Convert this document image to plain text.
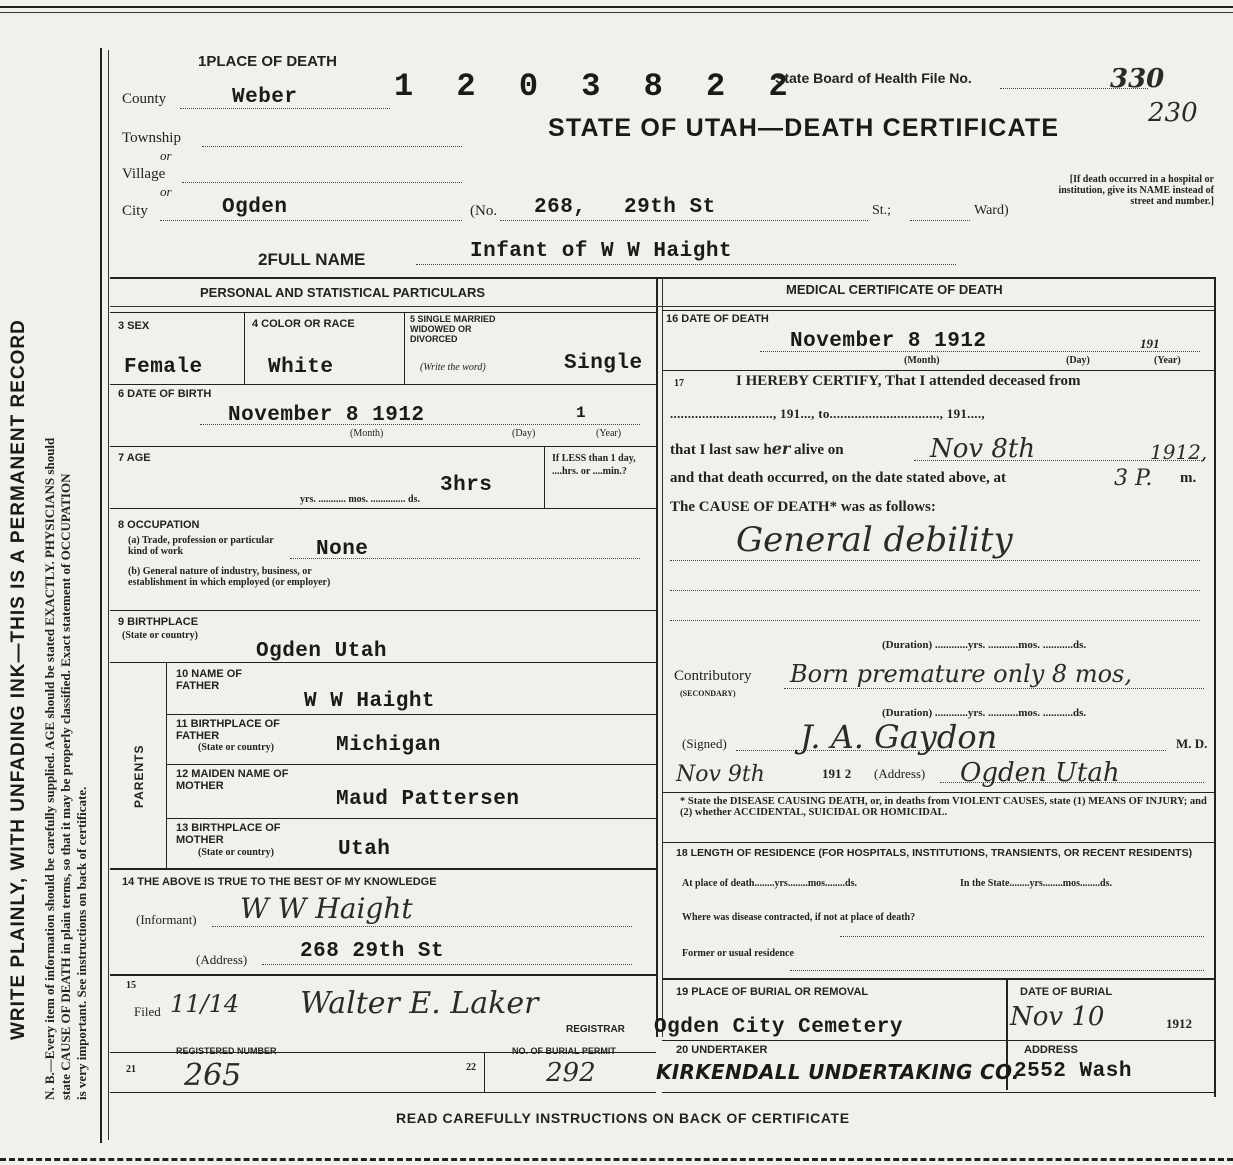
WRITE PLAINLY, WITH UNFADING INK—THIS IS A PERMANENT RECORD N. B.—Every item of information should be carefully supplied. AGE should be stated EXACTLY. PHYSICIANS should state CAUSE OF DEATH in plain terms, so that it may be properly classified. Exact statement of OCCUPATION is very important. See instructions on back of certificate.
1PLACE OF DEATH
1 2 0 3 8 2 2
State Board of Health File No.	330
230
STATE OF UTAH—DEATH CERTIFICATE
County	Weber
Township
or
Village
or
City	Ogden	(No. 268, 29th St	St.;	Ward)
[If death occurred in a hospital or institution, give its NAME instead of street and number.]
2FULL NAME	Infant of W W Haight
PERSONAL AND STATISTICAL PARTICULARS	MEDICAL CERTIFICATE OF DEATH
3 SEX
Female
4 COLOR OR RACE
White
5 SINGLE MARRIED WIDOWED OR DIVORCED
(Write the word)	Single
6 DATE OF BIRTH
November 8 1912	1
(Month)	(Day)	(Year)
7 AGE
3hrs
yrs. ........... mos. .............. ds.
If LESS than 1 day, ....hrs. or ....min.?
8 OCCUPATION
(a) Trade, profession or particular kind of work	None
(b) General nature of industry, business, or establishment in which employed (or employer)
9 BIRTHPLACE
(State or country)
Ogden Utah
PARENTS
10 NAME OF FATHER
W W Haight
11 BIRTHPLACE OF FATHER
(State or country)	Michigan
12 MAIDEN NAME OF MOTHER
Maud Pattersen
13 BIRTHPLACE OF MOTHER
(State or country)	Utah
14 THE ABOVE IS TRUE TO THE BEST OF MY KNOWLEDGE
(Informant) W W Haight
(Address)	268 29th St
15
Filed 11/14 Walter E. Laker
REGISTRAR
REGISTERED NUMBER
21 265
NO. OF BURIAL PERMIT
22	292
16 DATE OF DEATH
November 8 1912	191
(Month)	(Day)	(Year)
17	I HEREBY CERTIFY, That I attended deceased from
............................., 191..., to..............................., 191....,
that I last saw her alive on	Nov 8th	1912,
and that death occurred, on the date stated above, at	3 P. m.
The CAUSE OF DEATH* was as follows:
General debility
(Duration) ............yrs. ...........mos. ...........ds.
Contributory
(SECONDARY)
Born premature only 8 mos,
(Duration) ............yrs. ...........mos. ...........ds.
(Signed) J. A. Gaydon	M. D.
Nov 9th	191 2 (Address) Ogden Utah
* State the DISEASE CAUSING DEATH, or, in deaths from VIOLENT CAUSES, state (1) MEANS OF INJURY; and (2) whether ACCIDENTAL, SUICIDAL OR HOMICIDAL.
18 LENGTH OF RESIDENCE (FOR HOSPITALS, INSTITUTIONS, TRANSIENTS, OR RECENT RESIDENTS)
At place of death........yrs........mos........ds.	In the State........yrs........mos........ds.
Where was disease contracted, if not at place of death?
Former or usual residence
19 PLACE OF BURIAL OR REMOVAL
Ogden City Cemetery
DATE OF BURIAL
Nov 10	1912
20 UNDERTAKER
KIRKENDALL UNDERTAKING CO.
ADDRESS
2552 Wash
READ CAREFULLY INSTRUCTIONS ON BACK OF CERTIFICATE
